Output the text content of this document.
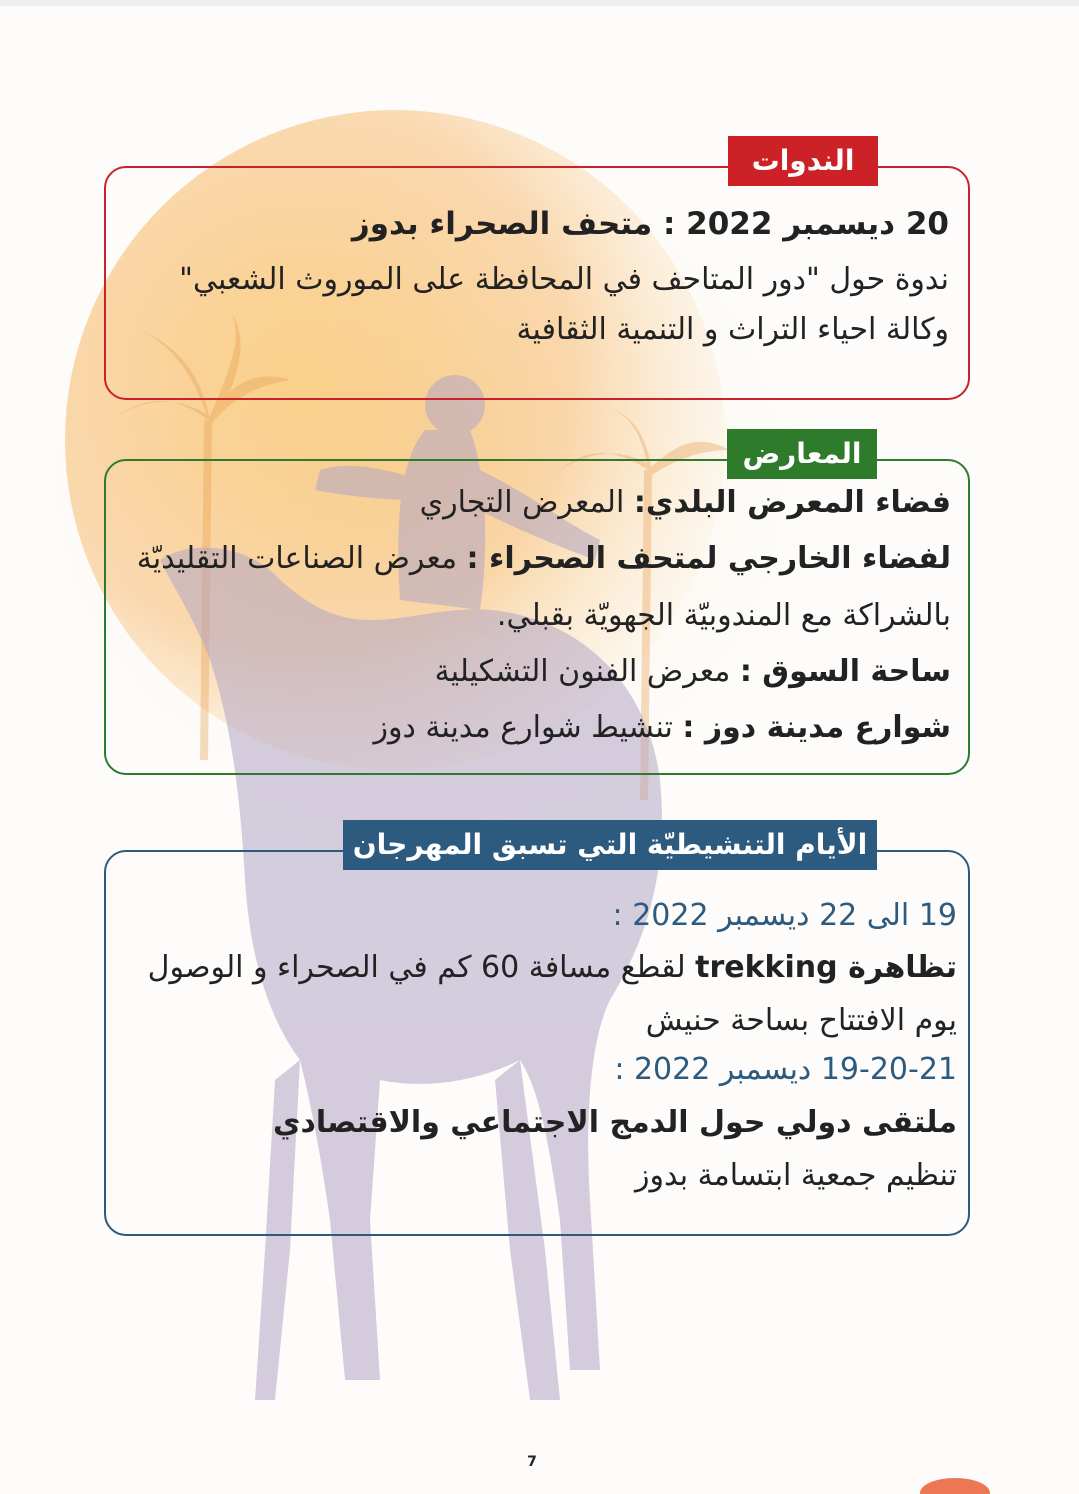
الندوات
20 ديسمبر 2022 : متحف الصحراء بدوز
ندوة حول "دور المتاحف في المحافظة على الموروث الشعبي"
وكالة احياء التراث و التنمية الثقافية
المعارض
فضاء المعرض البلدي: المعرض التجاري
لفضاء الخارجي لمتحف الصحراء : معرض الصناعات التقليديّة
بالشراكة مع المندوبيّة الجهويّة بقبلي.
ساحة السوق : معرض الفنون التشكيلية
شوارع مدينة دوز : تنشيط شوارع مدينة دوز
الأيام التنشيطيّة التي تسبق المهرجان
19 الى 22 ديسمبر 2022 :
تظاهرة trekking لقطع مسافة 60 كم في الصحراء و الوصول
يوم الافتتاح بساحة حنيش
19-20-21 ديسمبر 2022 :
ملتقى دولي حول الدمج الاجتماعي والاقتصادي
تنظيم جمعية ابتسامة بدوز
7
